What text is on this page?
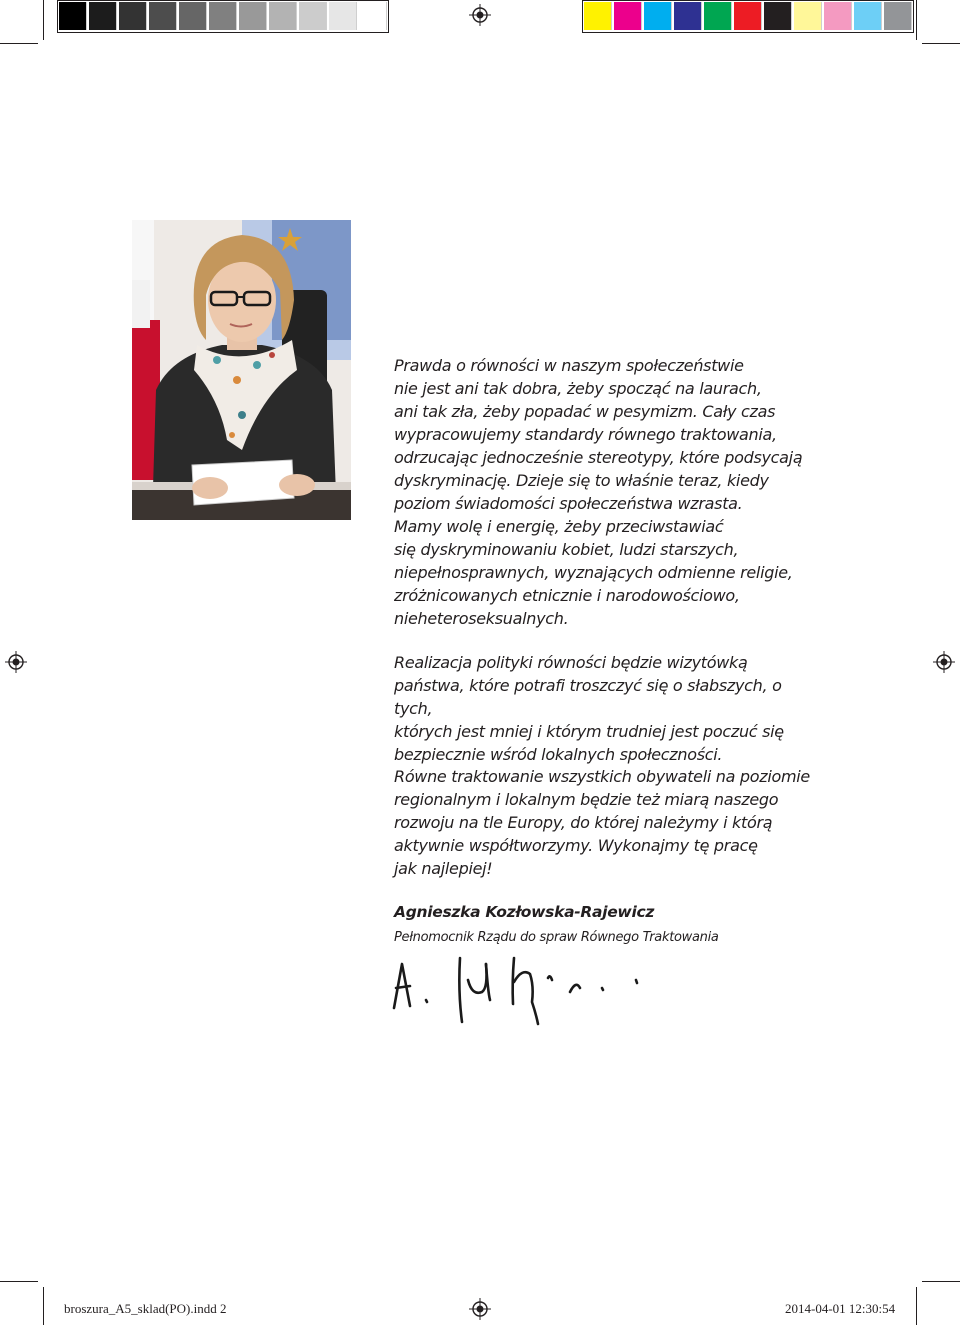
Prawda o równości w naszym społeczeństwie
nie jest ani tak dobra, żeby spocząć na laurach,
ani tak zła, żeby popadać w pesymizm. Cały czas
wypracowujemy standardy równego traktowania,
odrzucając jednocześnie stereotypy, które podsycają
dyskryminację. Dzieje się to właśnie teraz, kiedy
poziom świadomości społeczeństwa wzrasta.
Mamy wolę i energię, żeby przeciwstawiać
się dyskryminowaniu kobiet, ludzi starszych,
niepełnosprawnych, wyznających odmienne religie,
zróżnicowanych etnicznie i narodowościowo,
nieheteroseksualnych.

Realizacja polityki równości będzie wizytówką
państwa, które potrafi troszczyć się o słabszych, o tych,
których jest mniej i którym trudniej jest poczuć się
bezpiecznie wśród lokalnych społeczności.

Równe traktowanie wszystkich obywateli na poziomie
regionalnym i lokalnym będzie też miarą naszego
rozwoju na tle Europy, do której należymy i którą
aktywnie współtworzymy. Wykonajmy tę pracę
jak najlepiej!

Agnieszka Kozłowska-Rajewicz
Pełnomocnik Rządu do spraw Równego Traktowania
broszura_A5_sklad(PO).indd 2	2014-04-01 12:30:54
